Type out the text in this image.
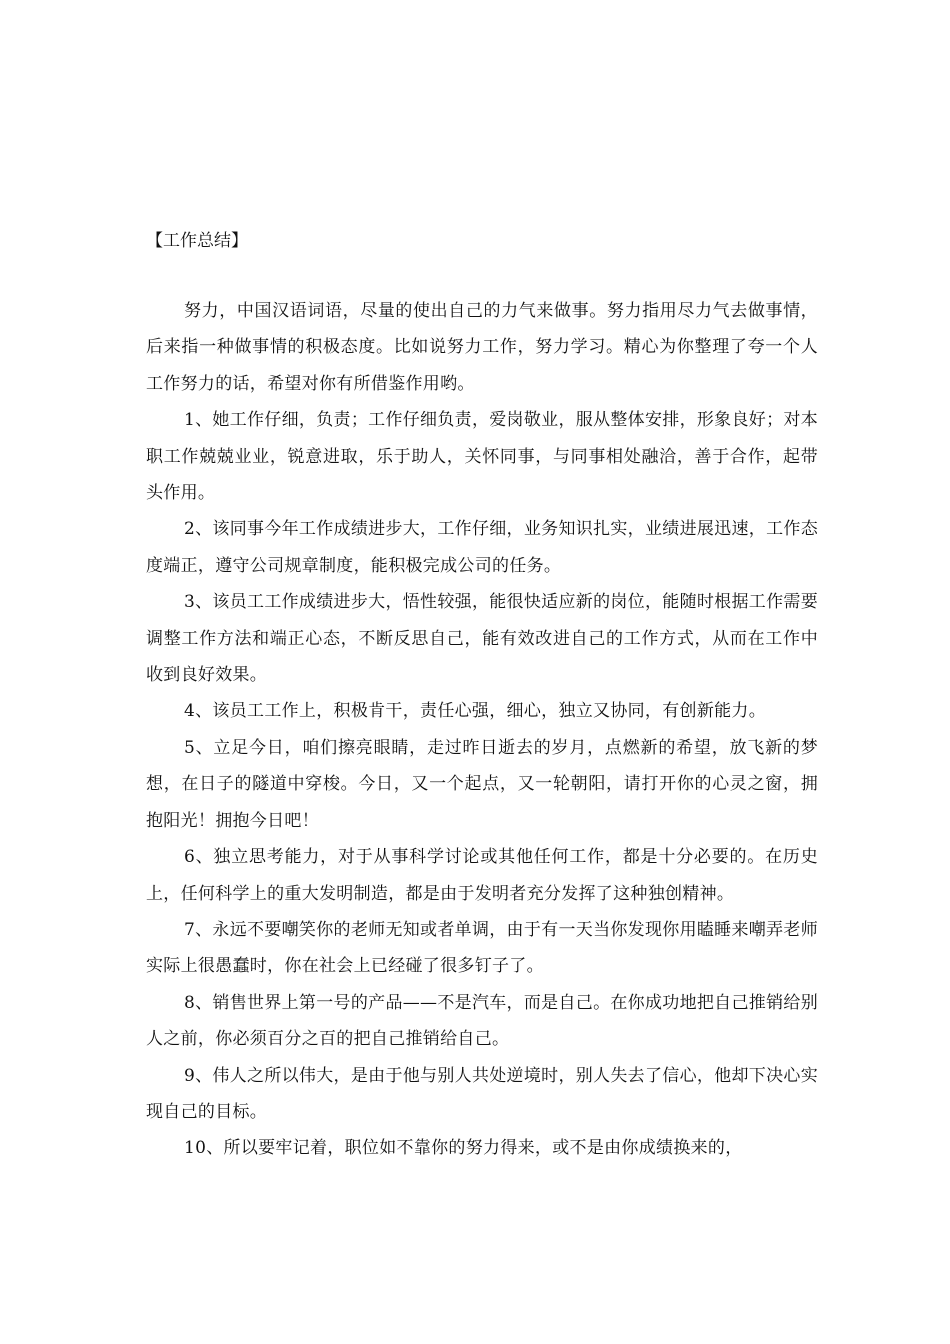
【工作总结】

努力，中国汉语词语，尽量的使出自己的力气来做事。努力指用尽力气去做事情，后来指一种做事情的积极态度。比如说努力工作，努力学习。精心为你整理了夸一个人工作努力的话，希望对你有所借鉴作用哟。

1、她工作仔细，负责；工作仔细负责，爱岗敬业，服从整体安排，形象良好；对本职工作兢兢业业，锐意进取，乐于助人，关怀同事，与同事相处融洽，善于合作，起带头作用。

2、该同事今年工作成绩进步大，工作仔细，业务知识扎实，业绩进展迅速，工作态度端正，遵守公司规章制度，能积极完成公司的任务。

3、该员工工作成绩进步大，悟性较强，能很快适应新的岗位，能随时根据工作需要调整工作方法和端正心态，不断反思自己，能有效改进自己的工作方式，从而在工作中收到良好效果。

4、该员工工作上，积极肯干，责任心强，细心，独立又协同，有创新能力。

5、立足今日，咱们擦亮眼睛，走过昨日逝去的岁月，点燃新的希望，放飞新的梦想，在日子的隧道中穿梭。今日，又一个起点，又一轮朝阳，请打开你的心灵之窗，拥抱阳光！拥抱今日吧！

6、独立思考能力，对于从事科学讨论或其他任何工作，都是十分必要的。在历史上，任何科学上的重大发明制造，都是由于发明者充分发挥了这种独创精神。

7、永远不要嘲笑你的老师无知或者单调，由于有一天当你发现你用瞌睡来嘲弄老师实际上很愚蠢时，你在社会上已经碰了很多钉子了。

8、销售世界上第一号的产品——不是汽车，而是自己。在你成功地把自己推销给别人之前，你必须百分之百的把自己推销给自己。

9、伟人之所以伟大，是由于他与别人共处逆境时，别人失去了信心，他却下决心实现自己的目标。

10、所以要牢记着，职位如不靠你的努力得来，或不是由你成绩换来的，
